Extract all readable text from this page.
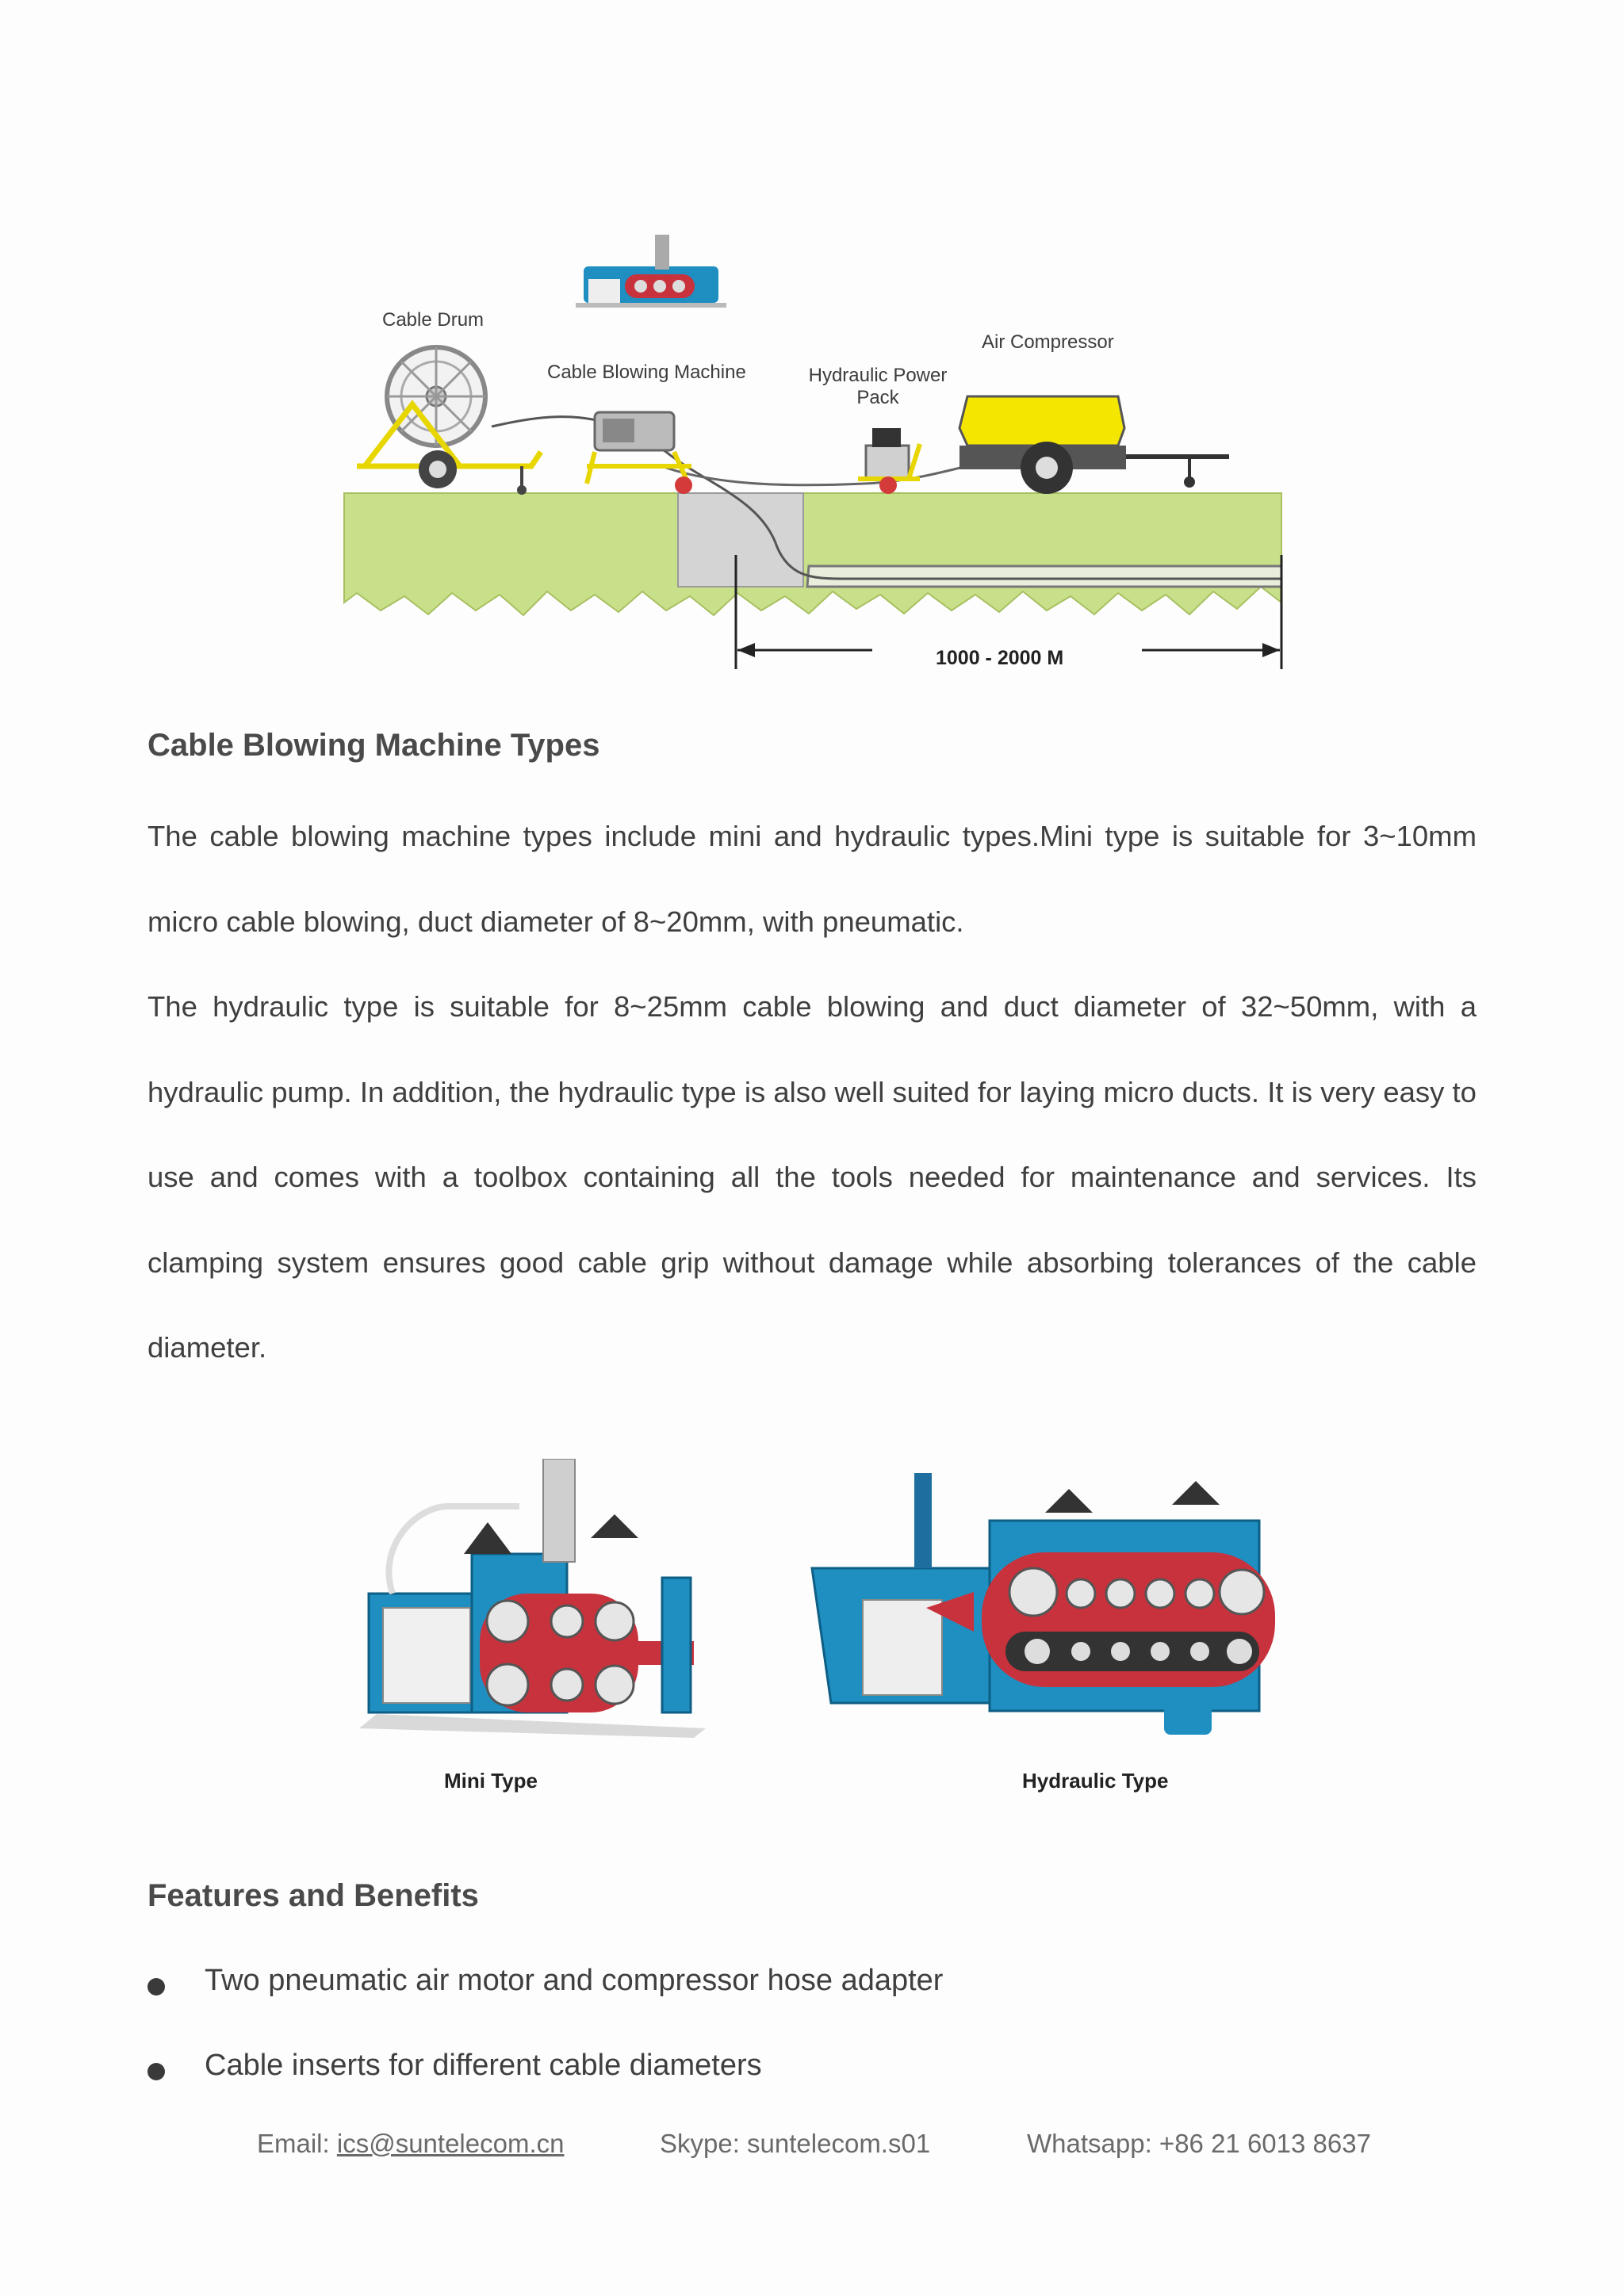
Cable Drum
Cable Blowing Machine	Hydraulic Power
Pack
Air Compressor
1000 - 2000 M
Cable Blowing Machine Types
The cable blowing machine types include mini and hydraulic types.Mini type is suitable for 3~10mm micro cable blowing, duct diameter of 8~20mm, with pneumatic.
The hydraulic type is suitable for 8~25mm cable blowing and duct diameter of 32~50mm, with a hydraulic pump. In addition, the hydraulic type is also well suited for laying micro ducts. It is very easy to use and comes with a toolbox containing all the tools needed for maintenance and services. Its clamping system ensures good cable grip without damage while absorbing tolerances of the cable diameter.
Mini Type	Hydraulic Type
Features and Benefits
Two pneumatic air motor and compressor hose adapter
Cable inserts for different cable diameters
Email: ics@suntelecom.cn	Skype: suntelecom.s01	Whatsapp: +86 21 6013 8637
